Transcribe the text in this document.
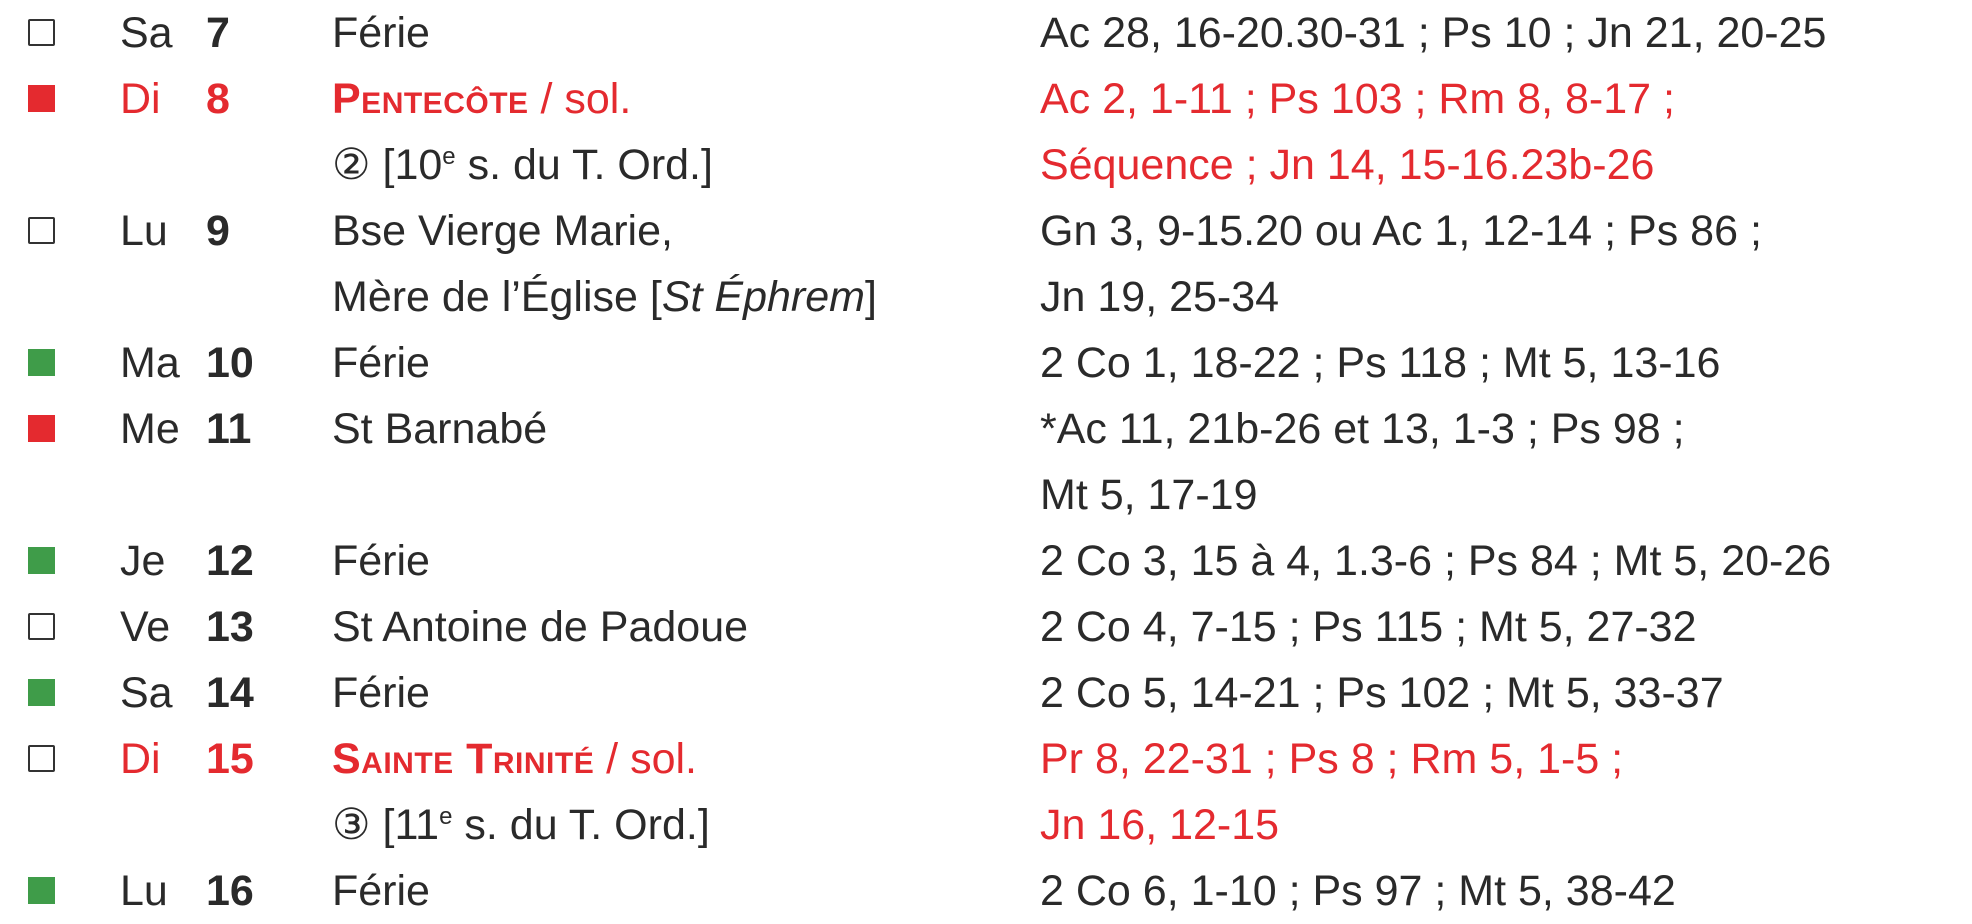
Sa 7 Férie	Ac 28, 16-20.30-31 ; Ps 10 ; Jn 21, 20-25
Di 8 Pentecôte / sol.	Ac 2, 1-11 ; Ps 103 ; Rm 8, 8-17 ;
② [10e s. du T. Ord.]	Séquence ; Jn 14, 15-16.23b-26
Lu 9 Bse Vierge Marie,	Gn 3, 9-15.20 ou Ac 1, 12-14 ; Ps 86 ;
Mère de l’Église [St Éphrem]	Jn 19, 25-34
Ma 10 Férie	2 Co 1, 18-22 ; Ps 118 ; Mt 5, 13-16
Me 11 St Barnabé	*Ac 11, 21b-26 et 13, 1-3 ; Ps 98 ;
Mt 5, 17-19
Je 12 Férie	2 Co 3, 15 à 4, 1.3-6 ; Ps 84 ; Mt 5, 20-26
Ve 13 St Antoine de Padoue	2 Co 4, 7-15 ; Ps 115 ; Mt 5, 27-32
Sa 14 Férie	2 Co 5, 14-21 ; Ps 102 ; Mt 5, 33-37
Di 15 Sainte Trinité / sol.	Pr 8, 22-31 ; Ps 8 ; Rm 5, 1-5 ;
③ [11e s. du T. Ord.]	Jn 16, 12-15
Lu 16 Férie	2 Co 6, 1-10 ; Ps 97 ; Mt 5, 38-42
